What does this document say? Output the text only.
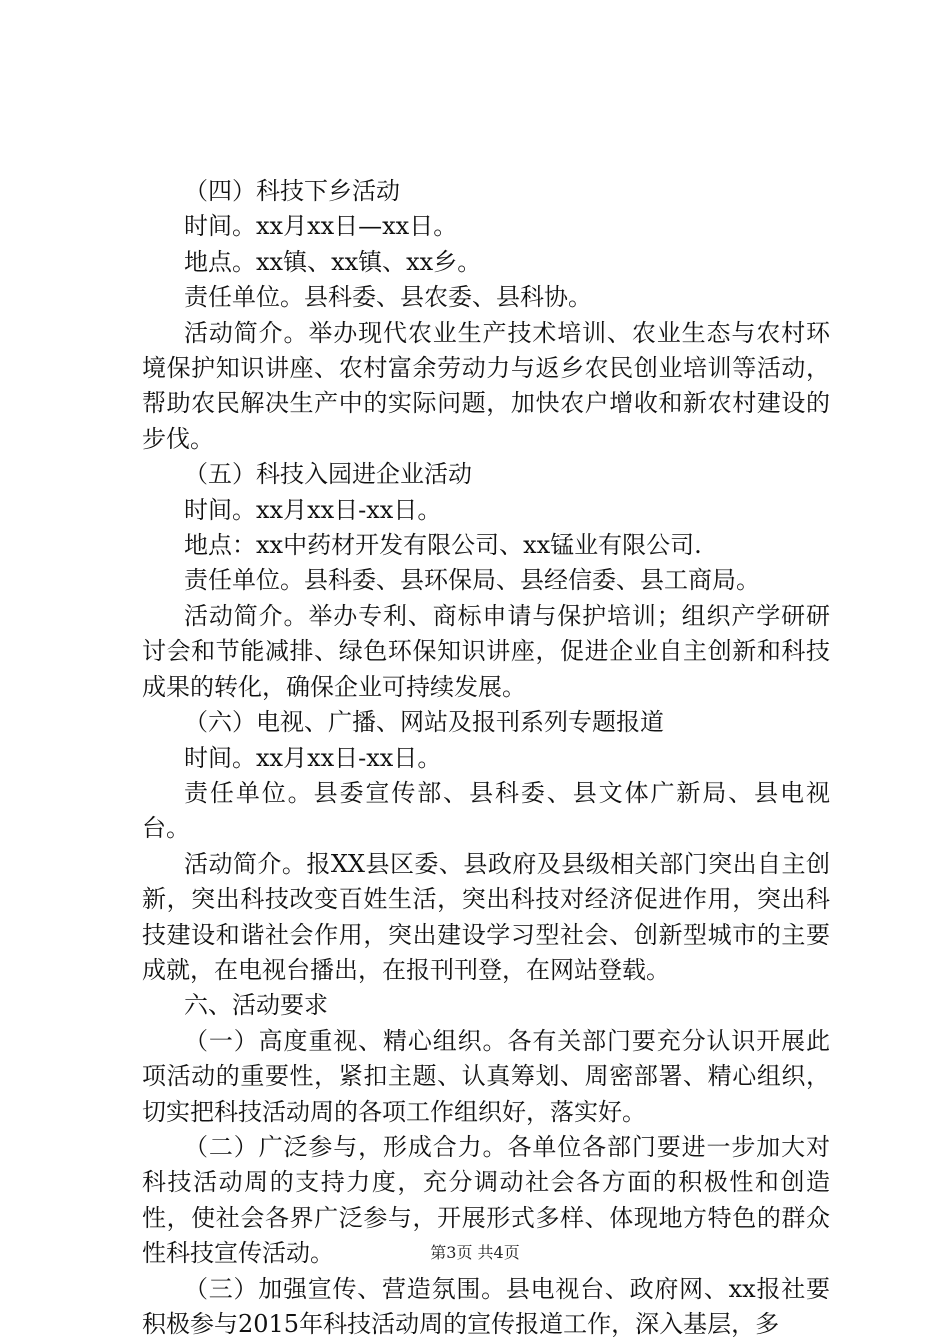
（四）科技下乡活动

时间。xx月xx日—xx日。

地点。xx镇、xx镇、xx乡。

责任单位。县科委、县农委、县科协。

活动简介。举办现代农业生产技术培训、农业生态与农村环境保护知识讲座、农村富余劳动力与返乡农民创业培训等活动，帮助农民解决生产中的实际问题，加快农户增收和新农村建设的步伐。

（五）科技入园进企业活动

时间。xx月xx日-xx日。

地点：xx中药材开发有限公司、xx锰业有限公司.

责任单位。县科委、县环保局、县经信委、县工商局。

活动简介。举办专利、商标申请与保护培训；组织产学研研讨会和节能减排、绿色环保知识讲座，促进企业自主创新和科技成果的转化，确保企业可持续发展。

（六）电视、广播、网站及报刊系列专题报道

时间。xx月xx日-xx日。

责任单位。县委宣传部、县科委、县文体广新局、县电视台。

活动简介。报XX县区委、县政府及县级相关部门突出自主创新，突出科技改变百姓生活，突出科技对经济促进作用，突出科技建设和谐社会作用，突出建设学习型社会、创新型城市的主要成就，在电视台播出，在报刊刊登，在网站登载。

六、活动要求

（一）高度重视、精心组织。各有关部门要充分认识开展此项活动的重要性，紧扣主题、认真筹划、周密部署、精心组织，切实把科技活动周的各项工作组织好，落实好。

（二）广泛参与，形成合力。各单位各部门要进一步加大对科技活动周的支持力度，充分调动社会各方面的积极性和创造性，使社会各界广泛参与，开展形式多样、体现地方特色的群众性科技宣传活动。

（三）加强宣传、营造氛围。县电视台、政府网、xx报社要积极参与2015年科技活动周的宣传报道工作，深入基层，多

第3页 共4页
